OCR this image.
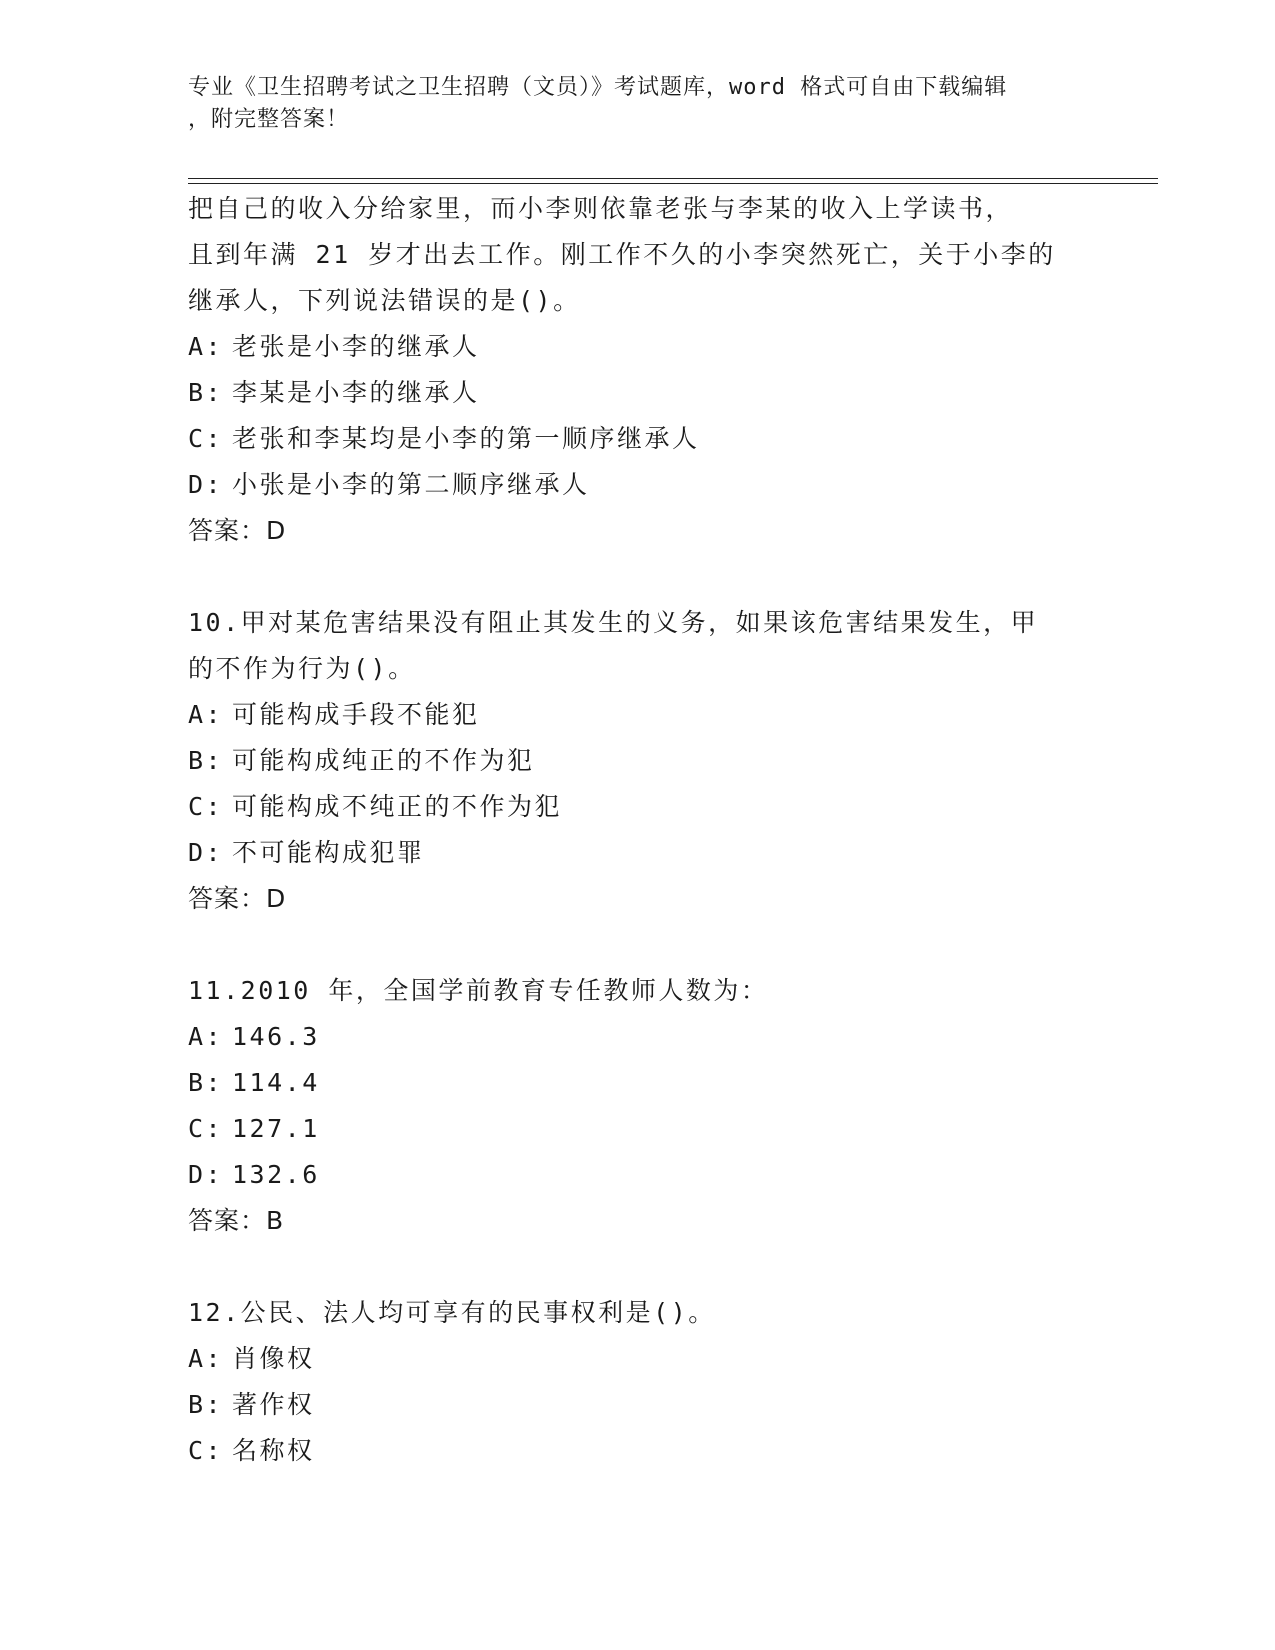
专业《卫生招聘考试之卫生招聘（文员）》考试题库，word 格式可自由下载编辑
，附完整答案！
把自己的收入分给家里，而小李则依靠老张与李某的收入上学读书，
且到年满 21 岁才出去工作。刚工作不久的小李突然死亡，关于小李的
继承人，下列说法错误的是()。
A: 老张是小李的继承人
B: 李某是小李的继承人
C: 老张和李某均是小李的第一顺序继承人
D: 小张是小李的第二顺序继承人
答案：D
10.甲对某危害结果没有阻止其发生的义务，如果该危害结果发生，甲
的不作为行为()。
A: 可能构成手段不能犯
B: 可能构成纯正的不作为犯
C: 可能构成不纯正的不作为犯
D: 不可能构成犯罪
答案：D
11.2010 年，全国学前教育专任教师人数为：
A: 146.3
B: 114.4
C: 127.1
D: 132.6
答案：B
12.公民、法人均可享有的民事权利是()。
A: 肖像权
B: 著作权
C: 名称权
